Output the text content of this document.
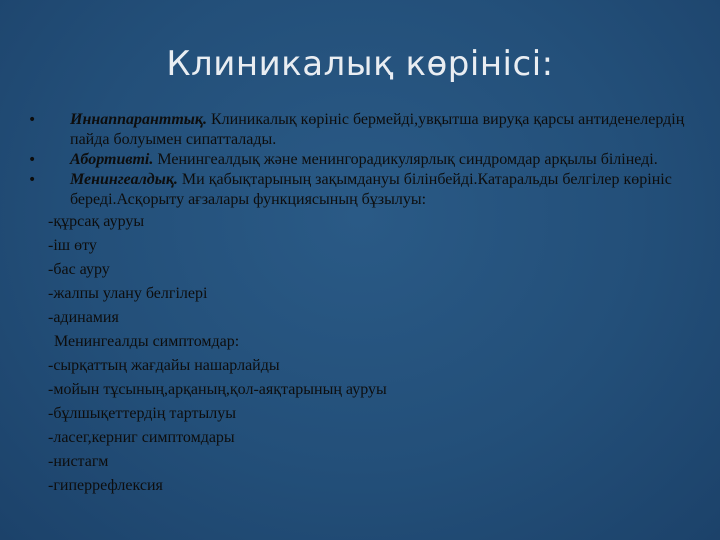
Клиникалық көрінісі:
•	Иннаппаранттық. Клиникалық көрініс бермейді,увқытша вируқа қарсы антиденелердің пайда болуымен сипатталады.
•	Абортивті. Менингеалдық және менингорадикулярлық синдромдар арқылы білінеді.
•	Менингеалдық. Ми қабықтарының зақымдануы білінбейді.Катаральды белгілер көрініс береді.Асқорыту ағзалары функциясының бұзылуы:
-құрсақ ауруы
-іш өту
-бас ауру
-жалпы улану белгілері
-адинамия
Менингеалды симптомдар:
-сырқаттың жағдайы нашарлайды
-мойын тұсының,арқаның,қол-аяқтарының ауруы
-бұлшықеттердің тартылуы
-ласег,керниг симптомдары
-нистагм
-гиперрефлексия
